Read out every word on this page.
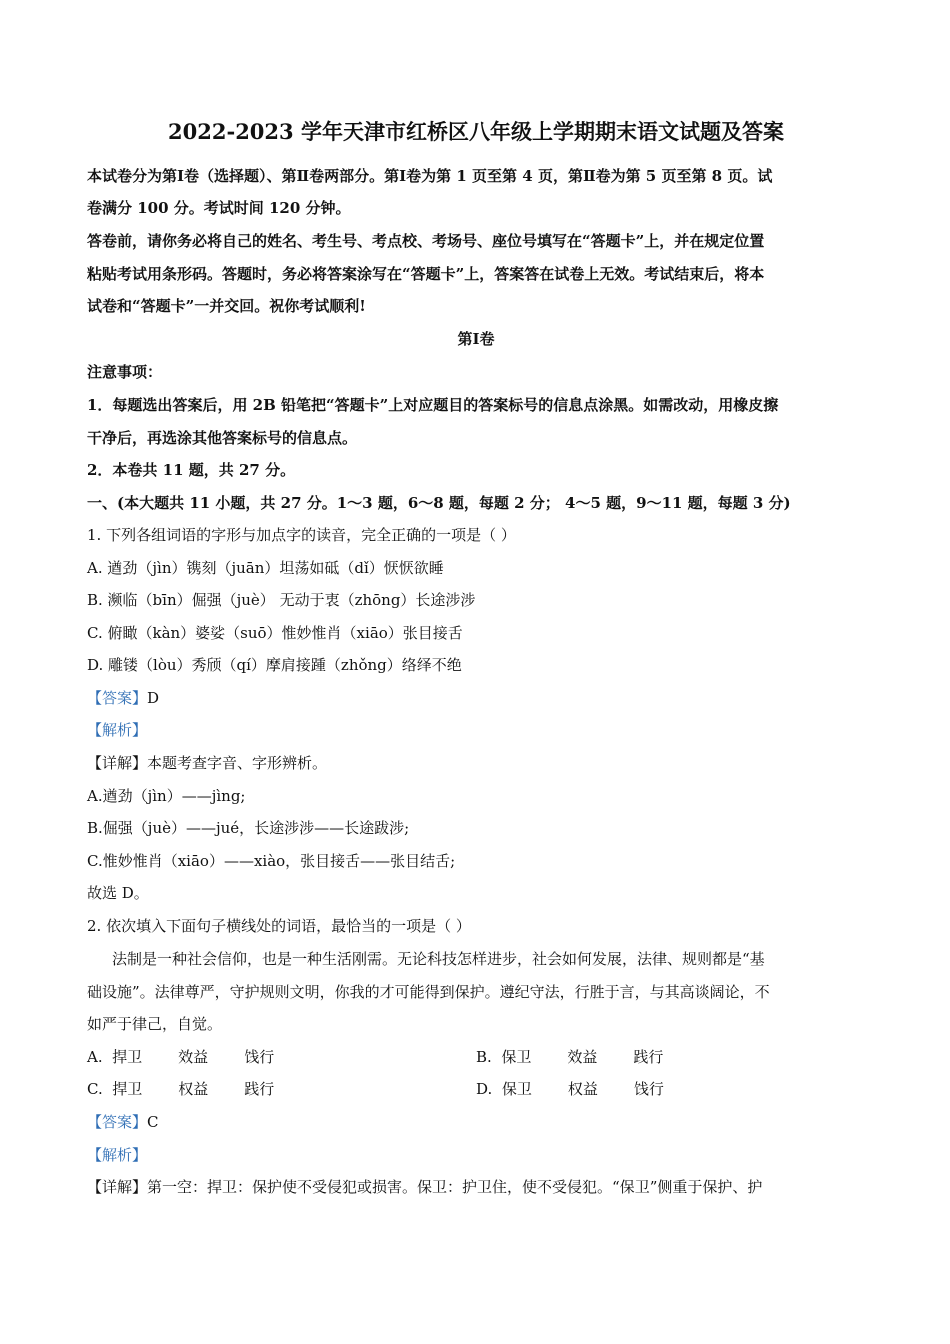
2022-2023 学年天津市红桥区八年级上学期期末语文试题及答案
本试卷分为第Ⅰ卷（选择题）、第Ⅱ卷两部分。第Ⅰ卷为第 1 页至第 4 页，第Ⅱ卷为第 5 页至第 8 页。试
卷满分 100 分。考试时间 120 分钟。
答卷前，请你务必将自己的姓名、考生号、考点校、考场号、座位号填写在“答题卡”上，并在规定位置
粘贴考试用条形码。答题时，务必将答案涂写在“答题卡”上，答案答在试卷上无效。考试结束后，将本
试卷和“答题卡”一并交回。祝你考试顺利!
第Ⅰ卷
注意事项：
1．每题选出答案后，用 2B 铅笔把“答题卡”上对应题目的答案标号的信息点涂黑。如需改动，用橡皮擦
干净后，再选涂其他答案标号的信息点。
2．本卷共 11 题，共 27 分。
一、(本大题共 11 小题，共 27 分。1～3 题，6～8 题，每题 2 分； 4～5 题，9～11 题，每题 3 分)
1. 下列各组词语的字形与加点字的读音，完全正确的一项是（ ）
A. 遒劲（jìn）镌刻（juān）坦荡如砥（dǐ）恹恹欲睡
B. 濒临（bīn）倔强（juè） 无动于衷（zhōng）长途涉涉
C. 俯瞰（kàn）婆娑（suō）惟妙惟肖（xiāo）张目接舌
D. 雕镂（lòu）秀颀（qí）摩肩接踵（zhǒng）络绎不绝
【答案】D
【解析】
【详解】本题考查字音、字形辨析。
A.遒劲（jìn）——jìng;
B.倔强（juè）——jué，长途涉涉——长途跋涉;
C.惟妙惟肖（xiāo）——xiào，张目接舌——张目结舌;
故选 D。
2. 依次填入下面句子横线处的词语，最恰当的一项是（ ）
法制是一种社会信仰，也是一种生活刚需。无论科技怎样进步，社会如何发展，法律、规则都是“基
础设施”。法律尊严，守护规则文明，你我的才可能得到保护。遵纪守法，行胜于言，与其高谈阔论，不
如严于律己，自觉。
A. 捍卫 效益 饯行	B. 保卫 效益 践行
C. 捍卫 权益 践行	D. 保卫 权益 饯行
【答案】C
【解析】
【详解】第一空：捍卫：保护使不受侵犯或损害。保卫：护卫住，使不受侵犯。“保卫”侧重于保护、护
